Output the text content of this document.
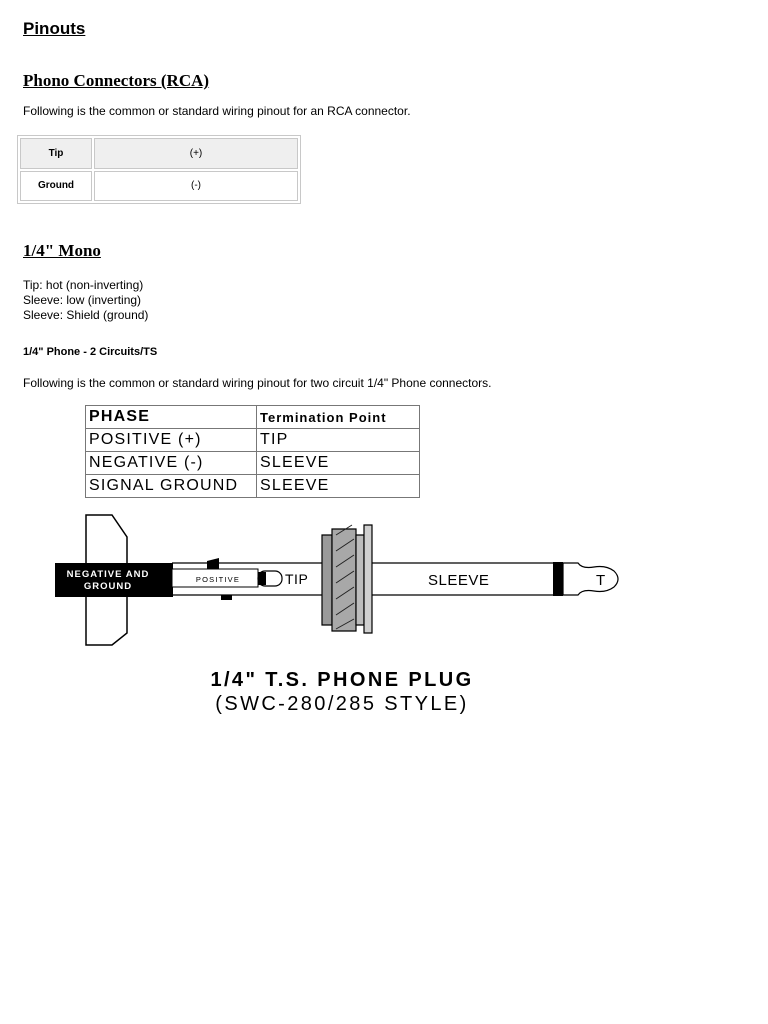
Pinouts
Phono Connectors (RCA)
Following is the common or standard wiring pinout for an RCA connector.
Tip	(+)
Ground	(-)
1/4" Mono
Tip: hot (non-inverting)
Sleeve: low (inverting)
Sleeve: Shield (ground)
1/4" Phone - 2 Circuits/TS
Following is the common or standard wiring pinout for two circuit 1/4" Phone connectors.
PHASE	Termination Point
POSITIVE (+)	TIP
NEGATIVE (-)	SLEEVE
SIGNAL GROUND	SLEEVE
NEGATIVE AND
GROUND
POSITIVE	TIP	SLEEVE	T
1/4" T.S. PHONE PLUG
(SWC-280/285 STYLE)
